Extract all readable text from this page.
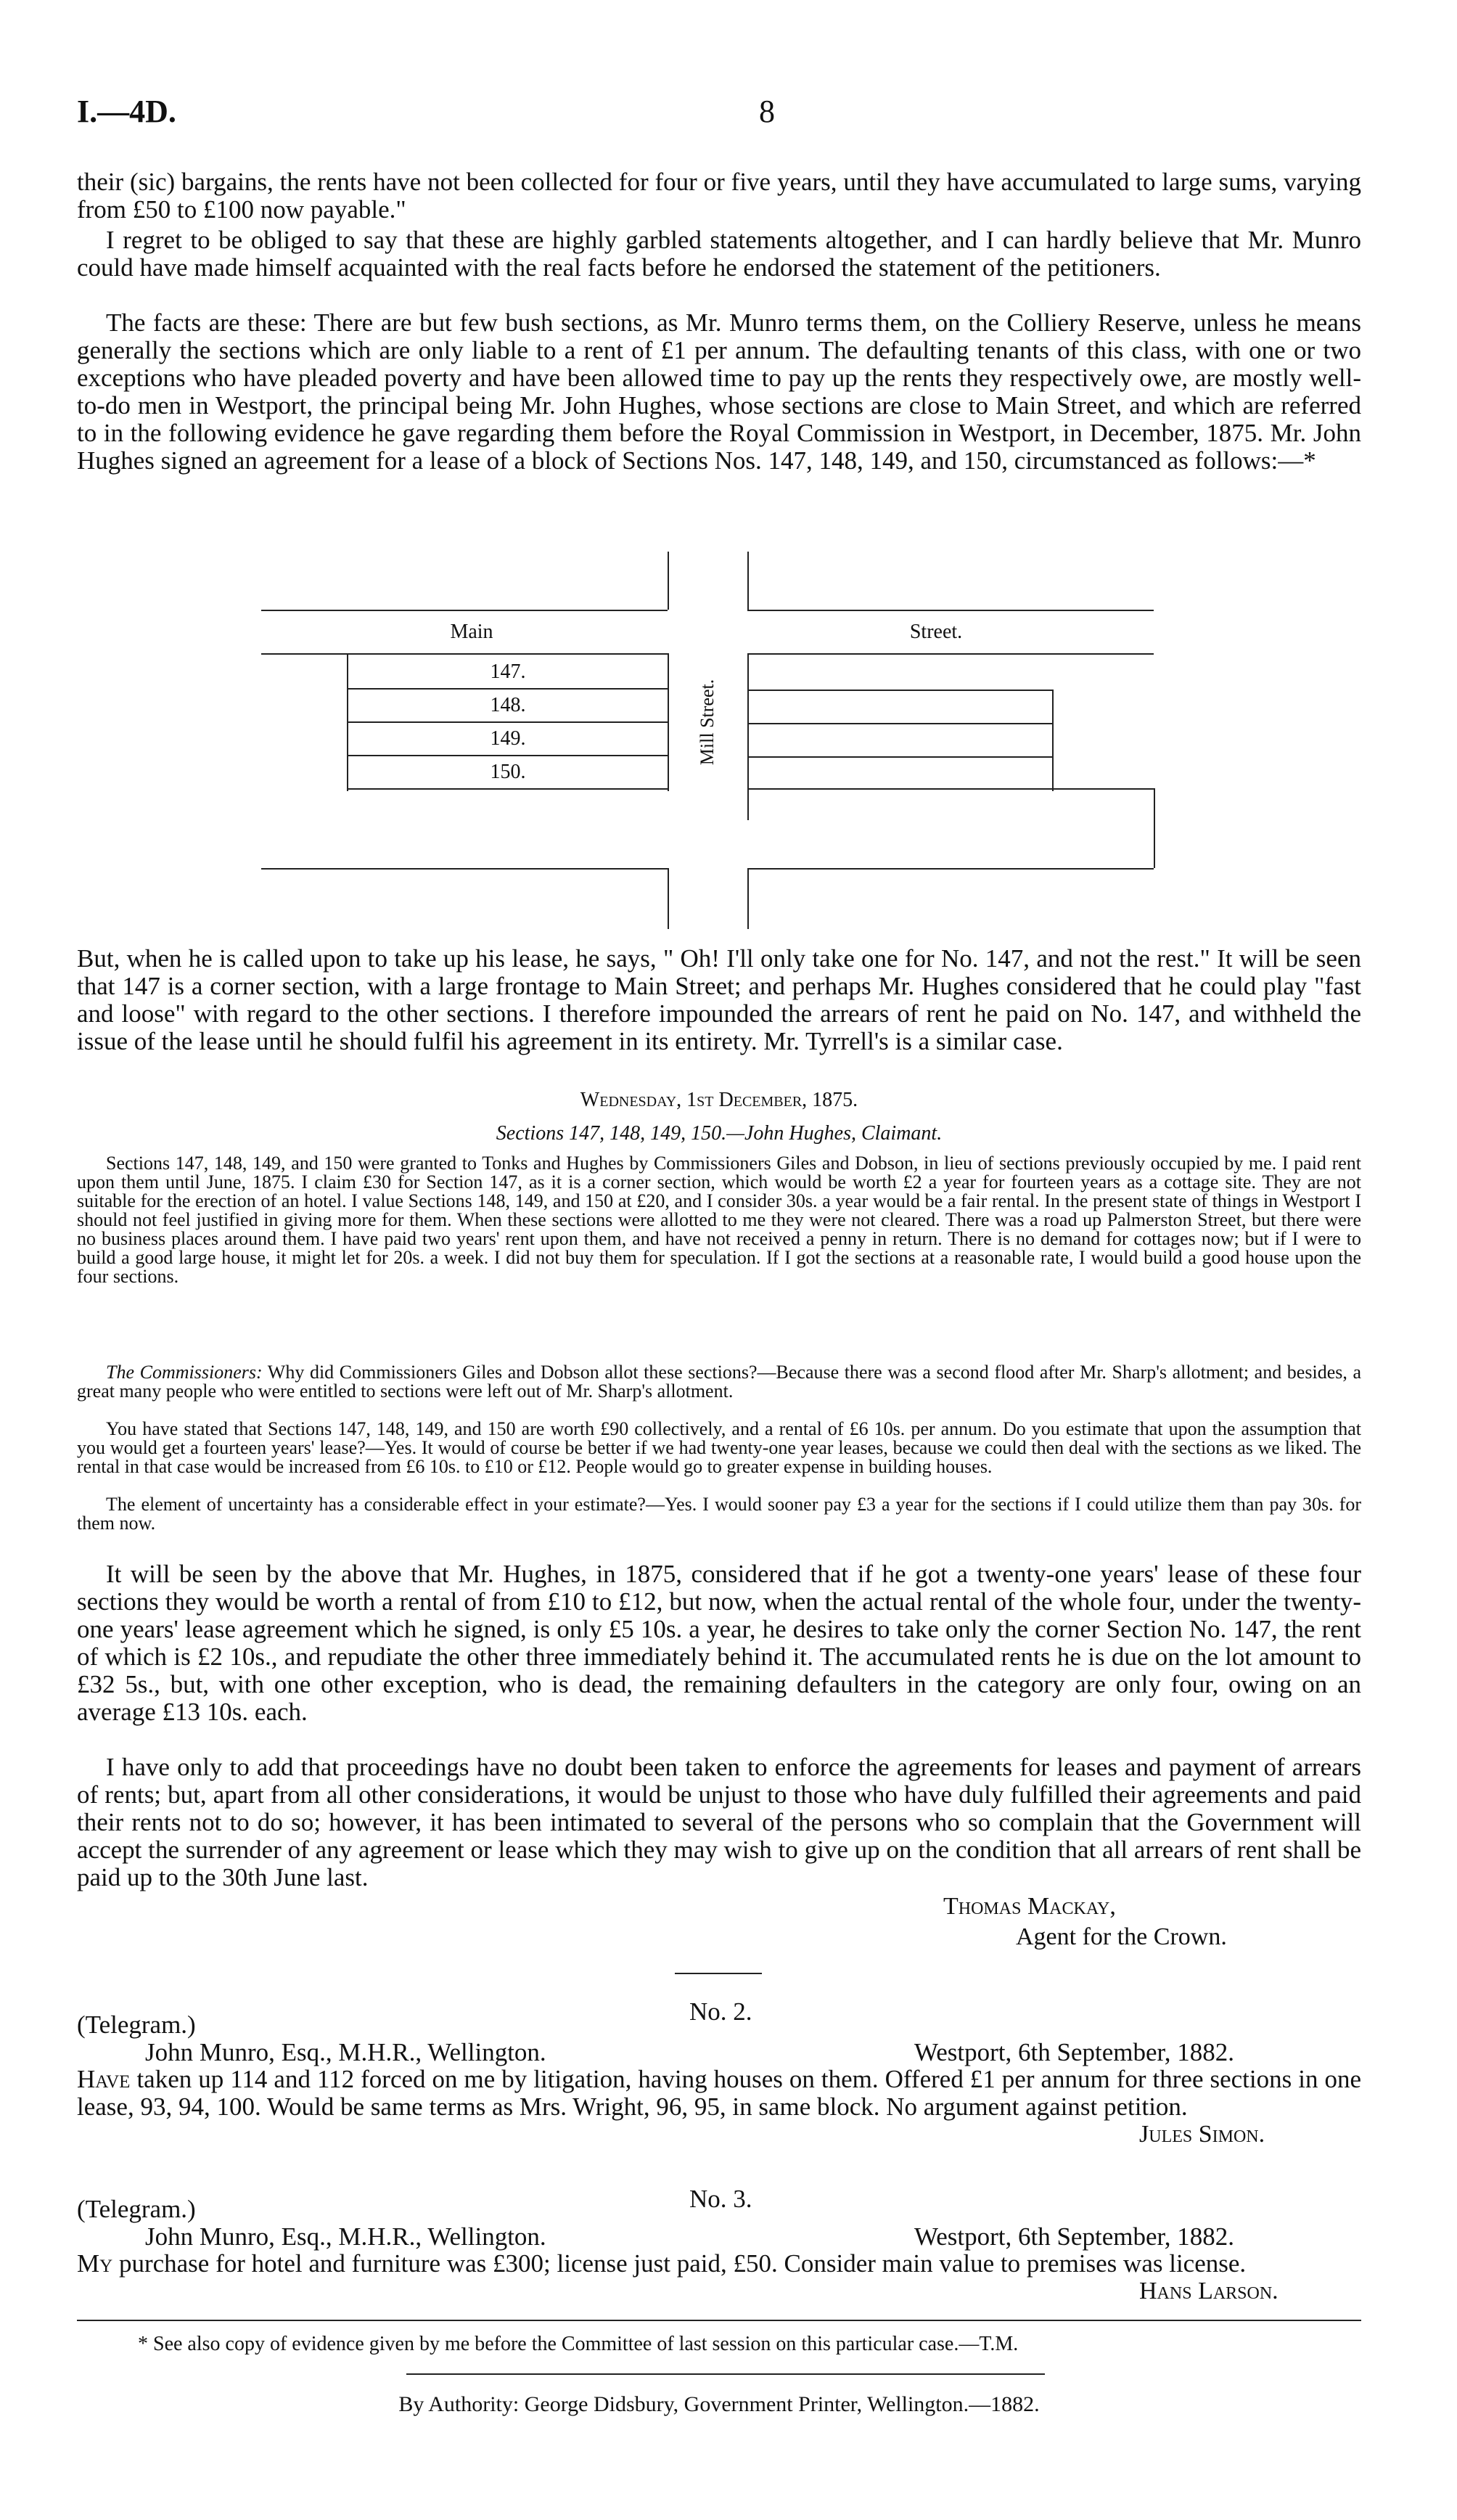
I.—4D.	8
their (sic) bargains, the rents have not been collected for four or five years, until they have accumulated to large sums, varying from £50 to £100 now payable."
I regret to be obliged to say that these are highly garbled statements altogether, and I can hardly believe that Mr. Munro could have made himself acquainted with the real facts before he endorsed the statement of the petitioners.
The facts are these: There are but few bush sections, as Mr. Munro terms them, on the Colliery Reserve, unless he means generally the sections which are only liable to a rent of £1 per annum. The defaulting tenants of this class, with one or two exceptions who have pleaded poverty and have been allowed time to pay up the rents they respectively owe, are mostly well-to-do men in Westport, the principal being Mr. John Hughes, whose sections are close to Main Street, and which are referred to in the following evidence he gave regarding them before the Royal Commission in Westport, in December, 1875. Mr. John Hughes signed an agreement for a lease of a block of Sections Nos. 147, 148, 149, and 150, circumstanced as follows:—*
Main	Street.
147.
148.
149.
150.
Mill Street.
But, when he is called upon to take up his lease, he says, " Oh! I'll only take one for No. 147, and not the rest." It will be seen that 147 is a corner section, with a large frontage to Main Street; and perhaps Mr. Hughes considered that he could play "fast and loose" with regard to the other sections. I therefore impounded the arrears of rent he paid on No. 147, and withheld the issue of the lease until he should fulfil his agreement in its entirety. Mr. Tyrrell's is a similar case.
Wednesday, 1st December, 1875.
Sections 147, 148, 149, 150.—John Hughes, Claimant.
Sections 147, 148, 149, and 150 were granted to Tonks and Hughes by Commissioners Giles and Dobson, in lieu of sections previously occupied by me. I paid rent upon them until June, 1875. I claim £30 for Section 147, as it is a corner section, which would be worth £2 a year for fourteen years as a cottage site. They are not suitable for the erection of an hotel. I value Sections 148, 149, and 150 at £20, and I consider 30s. a year would be a fair rental. In the present state of things in Westport I should not feel justified in giving more for them. When these sections were allotted to me they were not cleared. There was a road up Palmerston Street, but there were no business places around them. I have paid two years' rent upon them, and have not received a penny in return. There is no demand for cottages now; but if I were to build a good large house, it might let for 20s. a week. I did not buy them for speculation. If I got the sections at a reasonable rate, I would build a good house upon the four sections.
The Commissioners: Why did Commissioners Giles and Dobson allot these sections?—Because there was a second flood after Mr. Sharp's allotment; and besides, a great many people who were entitled to sections were left out of Mr. Sharp's allotment.
You have stated that Sections 147, 148, 149, and 150 are worth £90 collectively, and a rental of £6 10s. per annum. Do you estimate that upon the assumption that you would get a fourteen years' lease?—Yes. It would of course be better if we had twenty-one year leases, because we could then deal with the sections as we liked. The rental in that case would be increased from £6 10s. to £10 or £12. People would go to greater expense in building houses.
The element of uncertainty has a considerable effect in your estimate?—Yes. I would sooner pay £3 a year for the sections if I could utilize them than pay 30s. for them now.
It will be seen by the above that Mr. Hughes, in 1875, considered that if he got a twenty-one years' lease of these four sections they would be worth a rental of from £10 to £12, but now, when the actual rental of the whole four, under the twenty-one years' lease agreement which he signed, is only £5 10s. a year, he desires to take only the corner Section No. 147, the rent of which is £2 10s., and repudiate the other three immediately behind it. The accumulated rents he is due on the lot amount to £32 5s., but, with one other exception, who is dead, the remaining defaulters in the category are only four, owing on an average £13 10s. each.
I have only to add that proceedings have no doubt been taken to enforce the agreements for leases and payment of arrears of rents; but, apart from all other considerations, it would be unjust to those who have duly fulfilled their agreements and paid their rents not to do so; however, it has been intimated to several of the persons who so complain that the Government will accept the surrender of any agreement or lease which they may wish to give up on the condition that all arrears of rent shall be paid up to the 30th June last.
Thomas Mackay,
Agent for the Crown.
(Telegram.)	No. 2.
John Munro, Esq., M.H.R., Wellington.	Westport, 6th September, 1882.
Have taken up 114 and 112 forced on me by litigation, having houses on them. Offered £1 per annum for three sections in one lease, 93, 94, 100. Would be same terms as Mrs. Wright, 96, 95, in same block. No argument against petition.
Jules Simon.
(Telegram.)	No. 3.
John Munro, Esq., M.H.R., Wellington.	Westport, 6th September, 1882.
My purchase for hotel and furniture was £300; license just paid, £50. Consider main value to premises was license.
Hans Larson.
* See also copy of evidence given by me before the Committee of last session on this particular case.—T.M.
By Authority: George Didsbury, Government Printer, Wellington.—1882.
